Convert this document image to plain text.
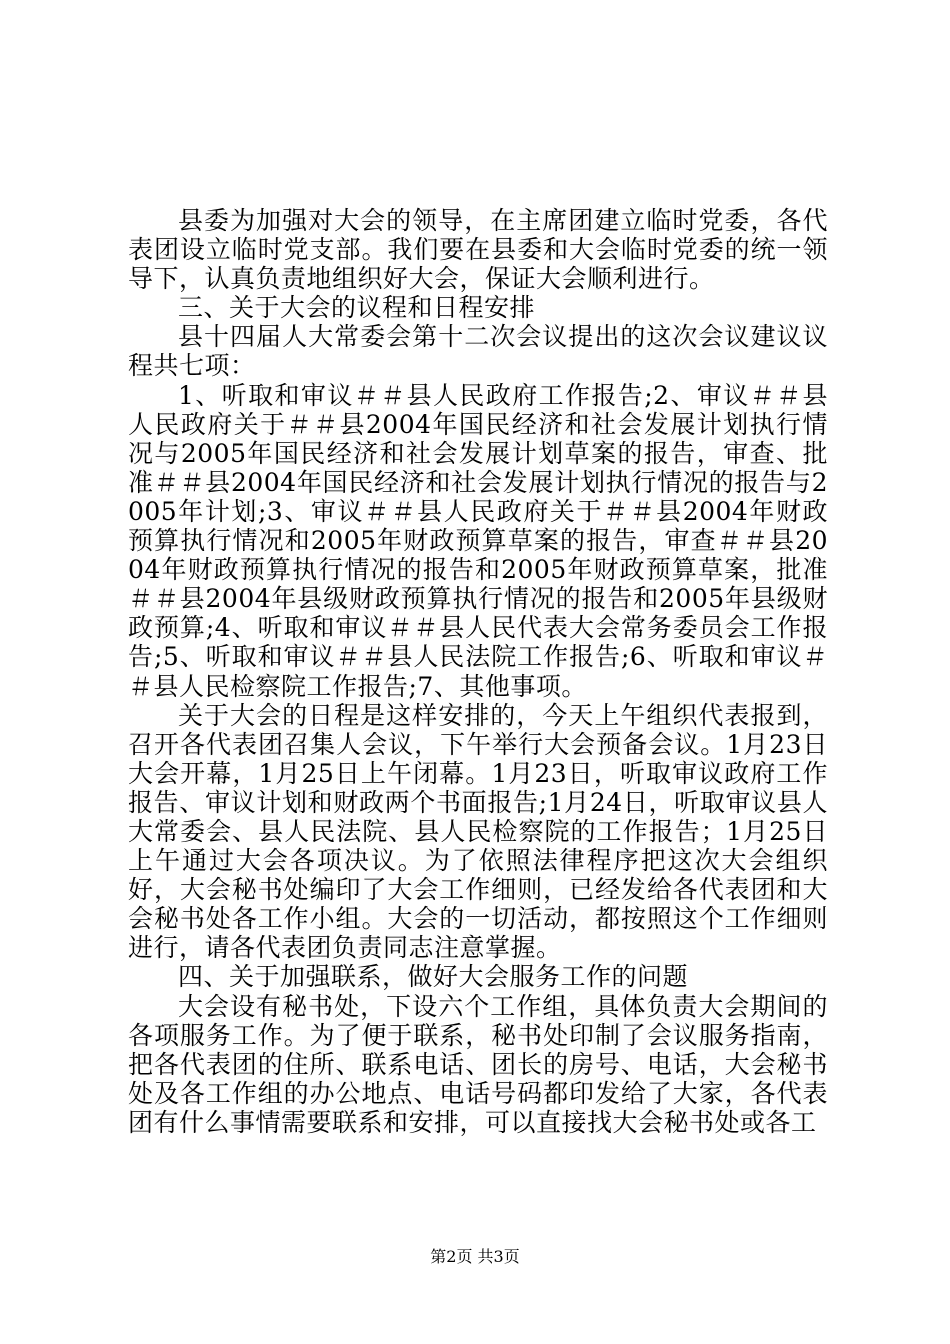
县委为加强对大会的领导，在主席团建立临时党委，各代表团设立临时党支部。我们要在县委和大会临时党委的统一领导下，认真负责地组织好大会，保证大会顺利进行。

三、关于大会的议程和日程安排

县十四届人大常委会第十二次会议提出的这次会议建议议程共七项：

1、听取和审议＃＃县人民政府工作报告;2、审议＃＃县人民政府关于＃＃县2004年国民经济和社会发展计划执行情况与2005年国民经济和社会发展计划草案的报告，审查、批准＃＃县2004年国民经济和社会发展计划执行情况的报告与2005年计划;3、审议＃＃县人民政府关于＃＃县2004年财政预算执行情况和2005年财政预算草案的报告，审查＃＃县2004年财政预算执行情况的报告和2005年财政预算草案，批准＃＃县2004年县级财政预算执行情况的报告和2005年县级财政预算;4、听取和审议＃＃县人民代表大会常务委员会工作报告;5、听取和审议＃＃县人民法院工作报告;6、听取和审议＃＃县人民检察院工作报告;7、其他事项。

关于大会的日程是这样安排的，今天上午组织代表报到，召开各代表团召集人会议，下午举行大会预备会议。1月23日大会开幕，1月25日上午闭幕。1月23日，听取审议政府工作报告、审议计划和财政两个书面报告;1月24日，听取审议县人大常委会、县人民法院、县人民检察院的工作报告；1月25日上午通过大会各项决议。为了依照法律程序把这次大会组织好，大会秘书处编印了大会工作细则，已经发给各代表团和大会秘书处各工作小组。大会的一切活动，都按照这个工作细则进行，请各代表团负责同志注意掌握。

四、关于加强联系，做好大会服务工作的问题

大会设有秘书处，下设六个工作组，具体负责大会期间的各项服务工作。为了便于联系，秘书处印制了会议服务指南，把各代表团的住所、联系电话、团长的房号、电话，大会秘书处及各工作组的办公地点、电话号码都印发给了大家，各代表团有什么事情需要联系和安排，可以直接找大会秘书处或各工

第2页 共3页
